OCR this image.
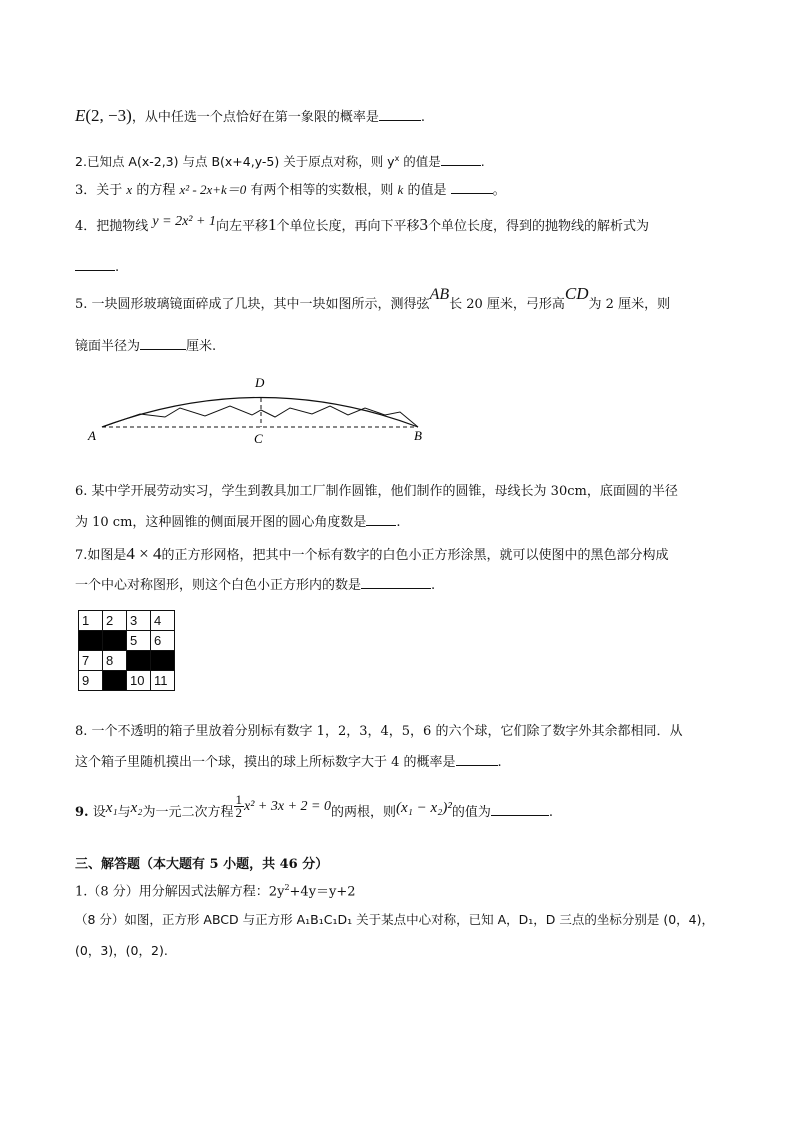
E(2, −3)，从中任选一个点恰好在第一象限的概率是	.
2.已知点 A(x-2,3) 与点 B(x+4,y-5) 关于原点对称，则 $y^x$ 的值是	.
3．关于 x 的方程 x² - 2x+k＝0 有两个相等的实数根，则 k 的值是	。
4．把抛物线 y = 2x² + 1向左平移1个单位长度，再向下平移3个单位长度，得到的抛物线的解析式为
.
5. 一块圆形玻璃镜面碎成了几块，其中一块如图所示，测得弦AB长 20 厘米，弓形高CD为 2 厘米，则
镜面半径为	厘米.
D
A	C	B
6. 某中学开展劳动实习，学生到教具加工厂制作圆锥，他们制作的圆锥，母线长为 30cm，底面圆的半径
为 10 cm，这种圆锥的侧面展开图的圆心角度数是 .
7.如图是4 × 4的正方形网格，把其中一个标有数字的白色小正方形涂黑，就可以使图中的黑色部分构成
一个中心对称图形，则这个白色小正方形内的数是	.
1	2	3	4
		5	6
7	8		
9		10	11
8. 一个不透明的箱子里放着分别标有数字 1，2，3，4，5，6 的六个球，它们除了数字外其余都相同．从
这个箱子里随机摸出一个球，摸出的球上所标数字大于 4 的概率是	.
9. 设x₁与x₂为一元二次方程 $\frac{1}{2} x^2 + 3x + 2 = 0$的两根，则(x₁ − x₂)²的值为	.
三、解答题（本大题有 5 小题，共 46 分）
1.（8 分）用分解因式法解方程：$2y^2+4y=y+2$
（8 分）如图，正方形 ABCD 与正方形 A₁B₁C₁D₁ 关于某点中心对称，已知 A，D₁，D 三点的坐标分别是 (0，4)，
(0，3)，(0，2).
